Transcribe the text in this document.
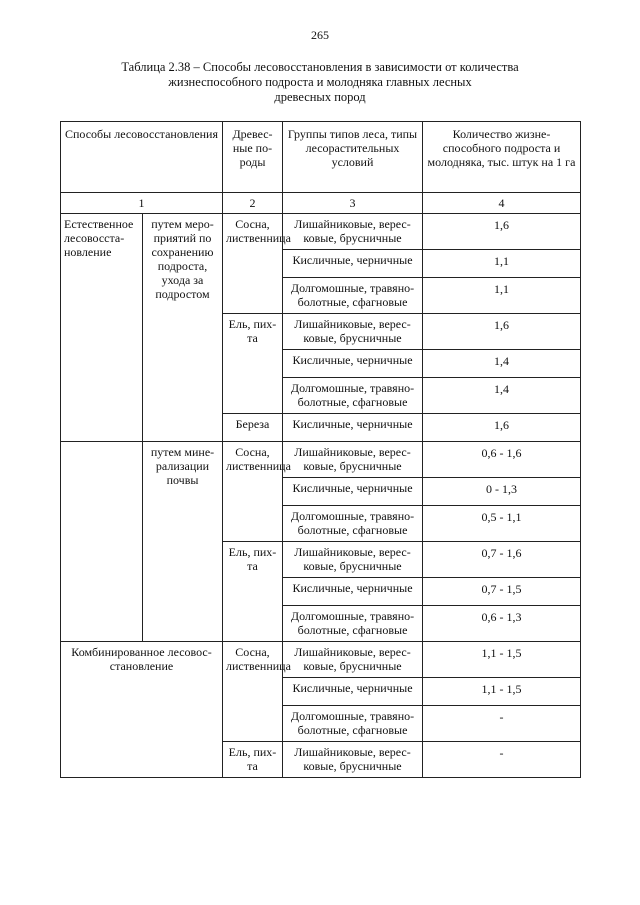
265
Таблица 2.38 – Способы лесовосстановления в зависимости от количества
жизнеспособного подроста и молодняка главных лесных
древесных пород
Способы лесовосстановления		Древес-ные по-роды	Группы типов леса, типы лесорастительных условий	Количество жизне-способного подроста и молодняка, тыс. штук на 1 га
1		2	3	4
Естественное лесовосста-новление	путем меро-приятий по сохранению подроста, ухода за подростом	Сосна, лиственница	Лишайниковые, верес-ковые, брусничные	1,6
			Кисличные, черничные	1,1
			Долгомошные, травяно-болотные, сфагновые	1,1
		Ель, пих-та	Лишайниковые, верес-ковые, брусничные	1,6
			Кисличные, черничные	1,4
			Долгомошные, травяно-болотные, сфагновые	1,4
		Береза	Кисличные, черничные	1,6
	путем мине-рализации почвы	Сосна, лиственница	Лишайниковые, верес-ковые, брусничные	0,6 - 1,6
			Кисличные, черничные	0 - 1,3
			Долгомошные, травяно-болотные, сфагновые	0,5 - 1,1
		Ель, пих-та	Лишайниковые, верес-ковые, брусничные	0,7 - 1,6
			Кисличные, черничные	0,7 - 1,5
			Долгомошные, травяно-болотные, сфагновые	0,6 - 1,3
Комбинированное лесовос-становление		Сосна, лиственница	Лишайниковые, верес-ковые, брусничные	1,1 - 1,5
			Кисличные, черничные	1,1 - 1,5
			Долгомошные, травяно-болотные, сфагновые	-
		Ель, пих-та	Лишайниковые, верес-ковые, брусничные	-
